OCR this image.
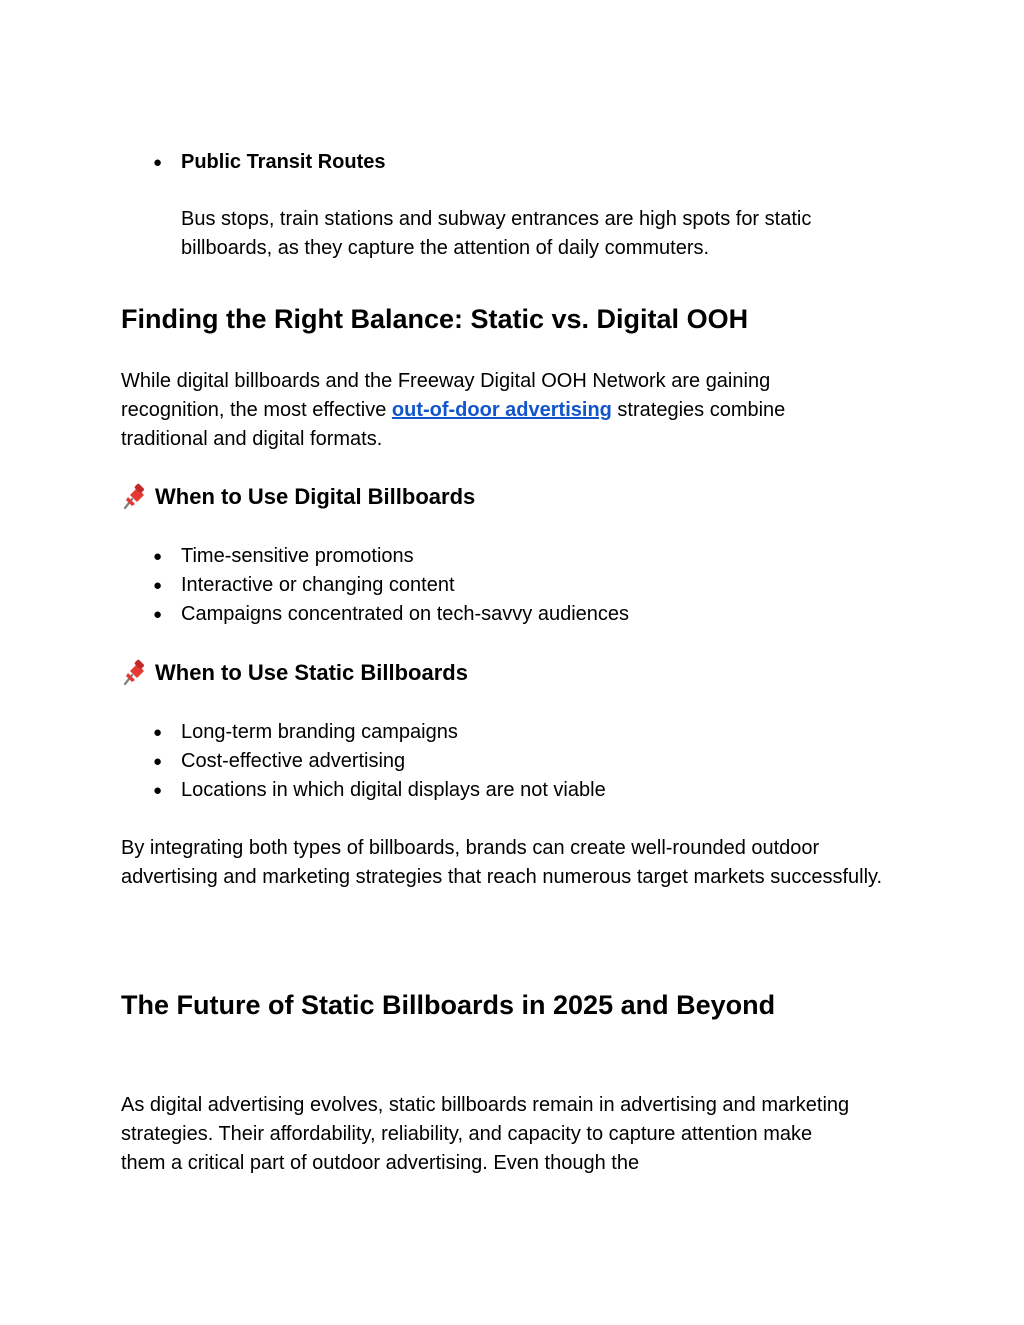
● Public Transit Routes

Bus stops, train stations and subway entrances are high spots for static
billboards, as they capture the attention of daily commuters.

Finding the Right Balance: Static vs. Digital OOH

While digital billboards and the Freeway Digital OOH Network are gaining recognition, the most effective out-of-door advertising strategies combine traditional and digital formats.

When to Use Digital Billboards
● Time-sensitive promotions
● Interactive or changing content
● Campaigns concentrated on tech-savvy audiences
When to Use Static Billboards
● Long-term branding campaigns
● Cost-effective advertising
● Locations in which digital displays are not viable

By integrating both types of billboards, brands can create well-rounded outdoor advertising and marketing strategies that reach numerous target markets successfully.

The Future of Static Billboards in 2025 and Beyond

As digital advertising evolves, static billboards remain in advertising and marketing strategies. Their affordability, reliability, and capacity to capture attention make them a critical part of outdoor advertising. Even though the
